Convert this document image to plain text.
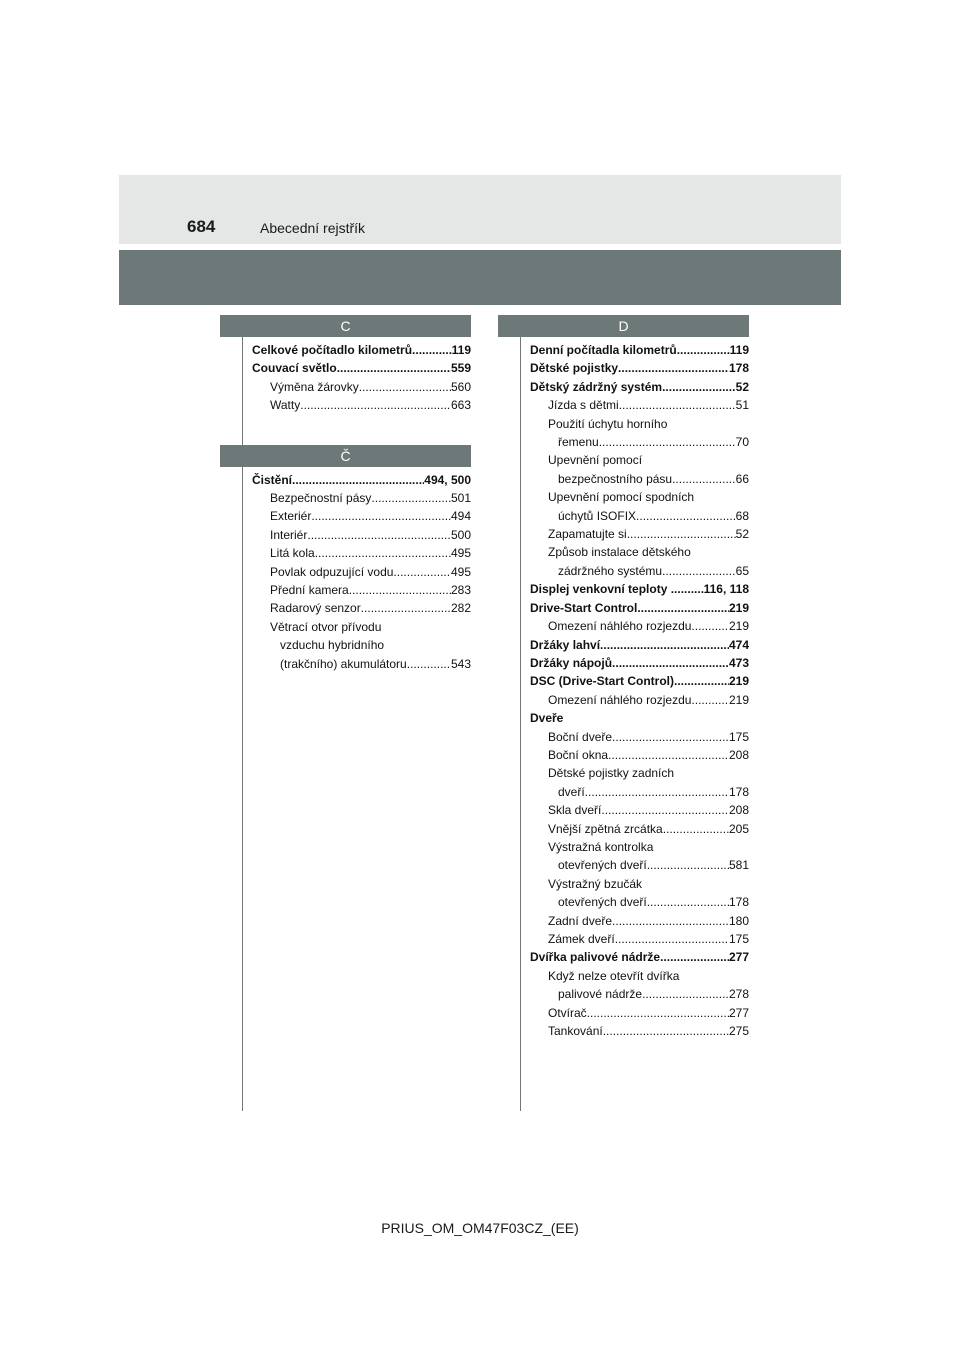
684	Abecední rejstřík
C
Celkové počítadlo kilometrů .....	119
Couvací světlo .....	559
Výměna žárovky .....	560
Watty .....	663
Č
Čistění .....	494, 500
Bezpečnostní pásy .....	501
Exteriér .....	494
Interiér .....	500
Litá kola .....	495
Povlak odpuzující vodu .....	495
Přední kamera .....	283
Radarový senzor .....	282
Větrací otvor přívodu
vzduchu hybridního
(trakčního) akumulátoru .....	543
D
Denní počítadla kilometrů .....	119
Dětské pojistky .....	178
Dětský zádržný systém .....	52
Jízda s dětmi .....	51
Použití úchytu horního
řemenu .....	70
Upevnění pomocí
bezpečnostního pásu .....	66
Upevnění pomocí spodních
úchytů ISOFIX .....	68
Zapamatujte si .....	52
Způsob instalace dětského
zádržného systému .....	65
Displej venkovní teploty . ..... 116, 118
Drive-Start Control .....	219
Omezení náhlého rozjezdu .....	219
Držáky lahví .....	474
Držáky nápojů .....	473
DSC (Drive-Start Control) .....	219
Omezení náhlého rozjezdu .....	219
Dveře
Boční dveře .....	175
Boční okna .....	208
Dětské pojistky zadních
dveří .....	178
Skla dveří .....	208
Vnější zpětná zrcátka .....	205
Výstražná kontrolka
otevřených dveří .....	581
Výstražný bzučák
otevřených dveří .....	178
Zadní dveře .....	180
Zámek dveří .....	175
Dvířka palivové nádrže .....	277
Když nelze otevřít dvířka
palivové nádrže .....	278
Otvírač .....	277
Tankování .....	275
PRIUS_OM_OM47F03CZ_(EE)
